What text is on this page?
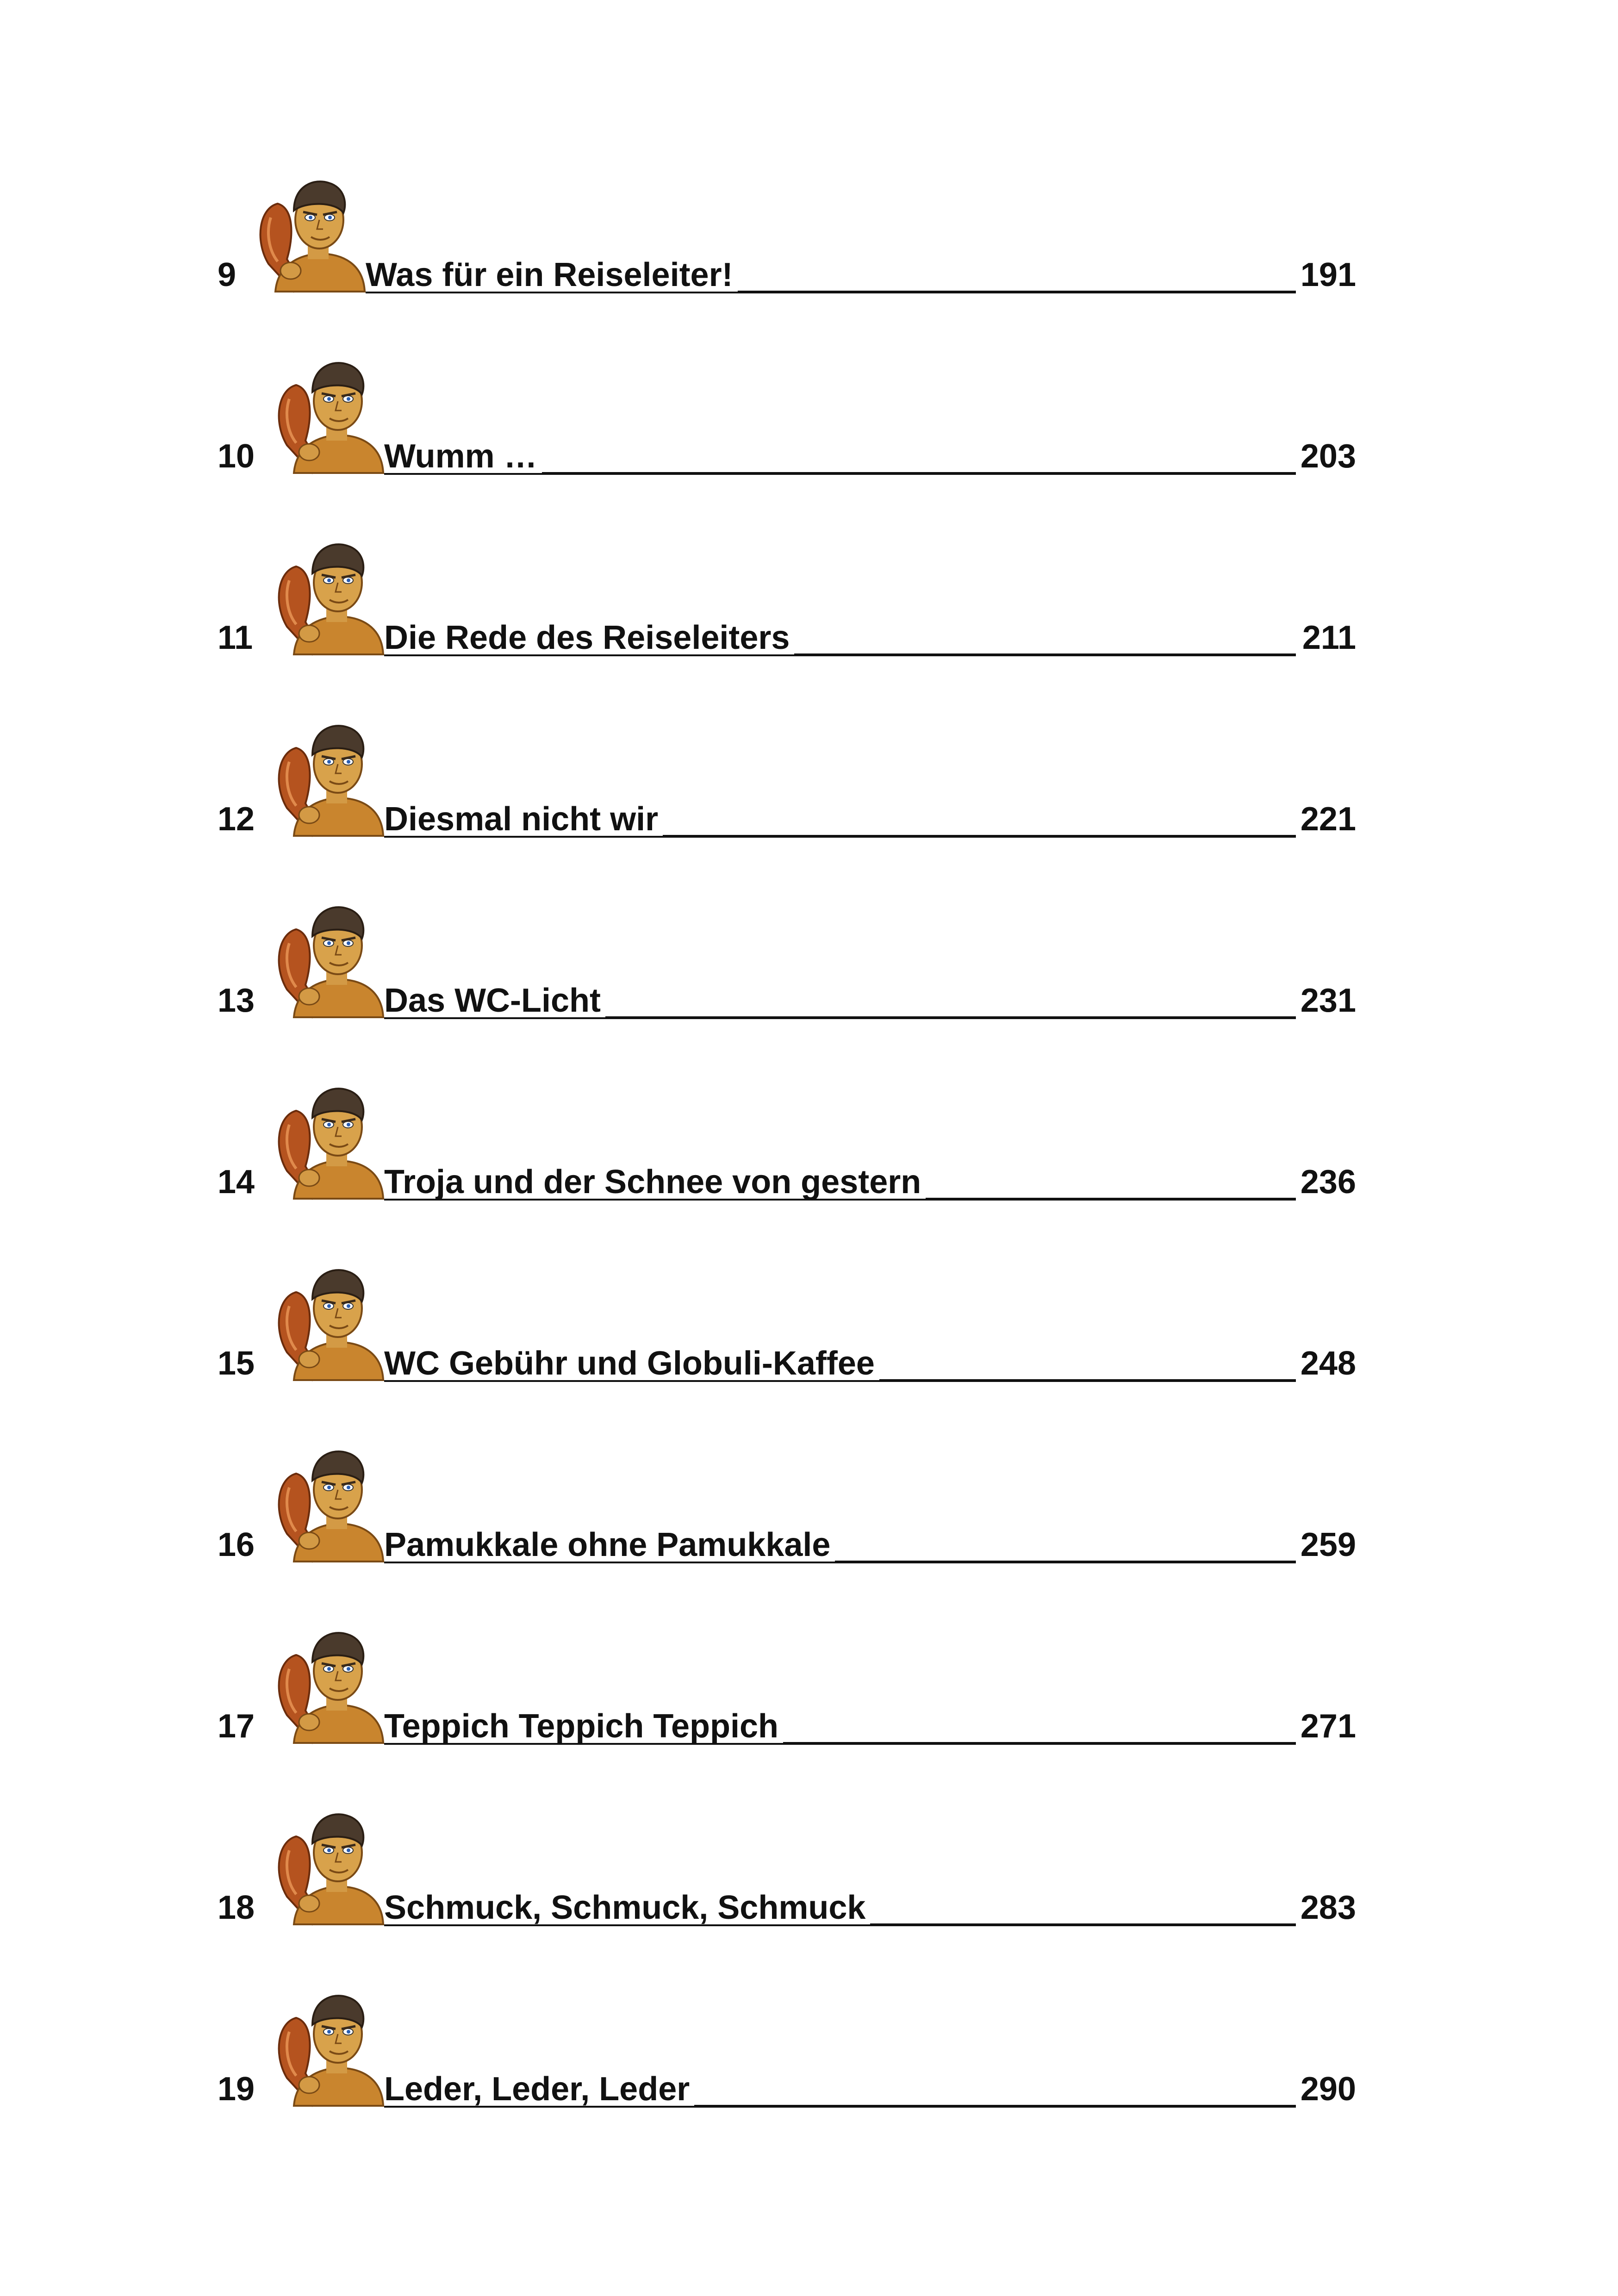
9	Was für ein Reiseleiter!	191
10	Wumm …	203
11	Die Rede des Reiseleiters	211
12	Diesmal nicht wir	221
13	Das WC-Licht	231
14	Troja und der Schnee von gestern	236
15	WC Gebühr und Globuli-Kaffee	248
16	Pamukkale ohne Pamukkale	259
17	Teppich Teppich Teppich	271
18	Schmuck, Schmuck, Schmuck	283
19	Leder, Leder, Leder	290
